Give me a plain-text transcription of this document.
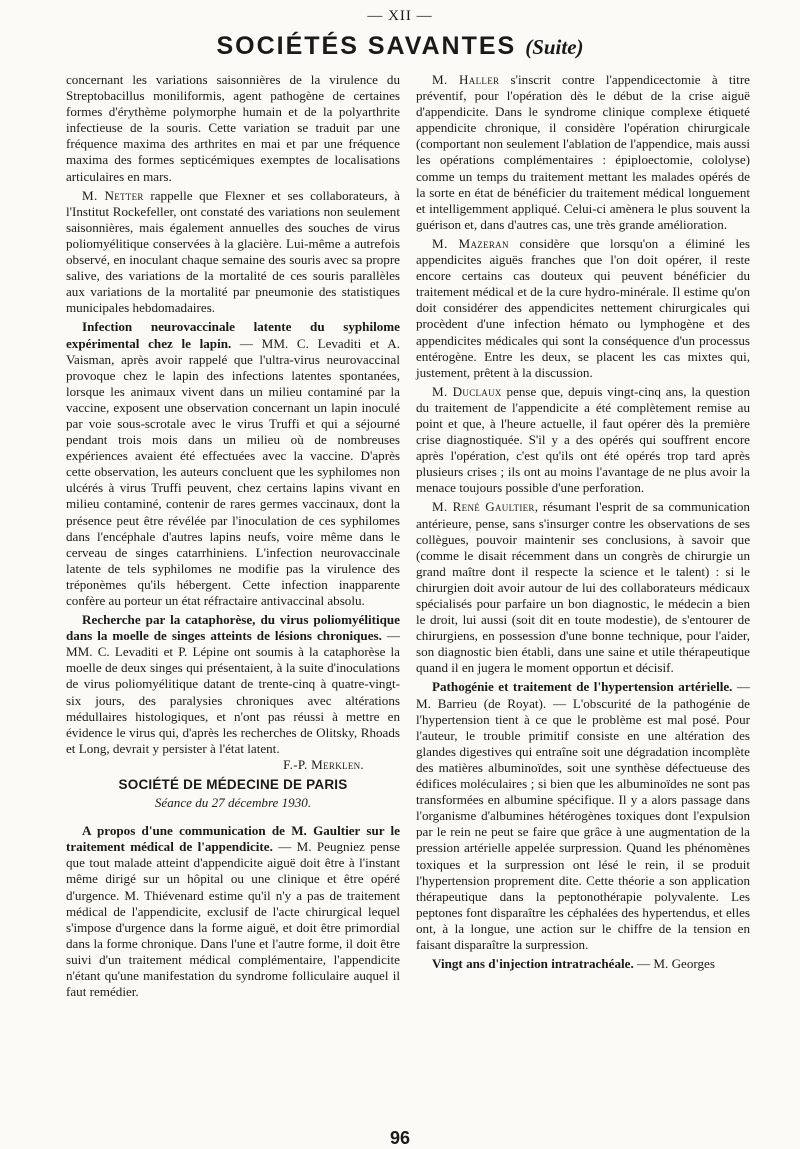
— XII —
SOCIÉTÉS SAVANTES (Suite)

concernant les variations saisonnières de la virulence du Streptobacillus moniliformis, agent pathogène de certaines formes d'érythème polymorphe humain et de la polyarthrite infectieuse de la souris. Cette variation se traduit par une fréquence maxima des arthrites en mai et par une fréquence maxima des formes septicémiques exemptes de localisations articulaires en mars.

M. Netter rappelle que Flexner et ses collaborateurs, à l'Institut Rockefeller, ont constaté des variations non seulement saisonnières, mais également annuelles des souches de virus poliomyélitique conservées à la glacière. Lui-même a autrefois observé, en inoculant chaque semaine des souris avec sa propre salive, des variations de la mortalité de ces souris parallèles aux variations de la mortalité par pneumonie des statistiques municipales hebdomadaires.

Infection neurovaccinale latente du syphilome expérimental chez le lapin. — MM. C. Levaditi et A. Vaisman, après avoir rappelé que l'ultra-virus neurovaccinal provoque chez le lapin des infections latentes spontanées, lorsque les animaux vivent dans un milieu contaminé par la vaccine, exposent une observation concernant un lapin inoculé par voie sous-scrotale avec le virus Truffi et qui a séjourné pendant trois mois dans un milieu où de nombreuses expériences avaient été effectuées avec la vaccine. D'après cette observation, les auteurs concluent que les syphilomes non ulcérés à virus Truffi peuvent, chez certains lapins vivant en milieu contaminé, contenir de rares germes vaccinaux, dont la présence peut être révélée par l'inoculation de ces syphilomes dans l'encéphale d'autres lapins neufs, voire même dans le cerveau de singes catarrhiniens. L'infection neurovaccinale latente de tels syphilomes ne modifie pas la virulence des tréponèmes qu'ils hébergent. Cette infection inapparente confère au porteur un état réfractaire antivaccinal absolu.

Recherche par la cataphorèse, du virus poliomyélitique dans la moelle de singes atteints de lésions chroniques. — MM. C. Levaditi et P. Lépine ont soumis à la cataphorèse la moelle de deux singes qui présentaient, à la suite d'inoculations de virus poliomyélitique datant de trente-cinq à quatre-vingt-six jours, des paralysies chroniques avec altérations médullaires histologiques, et n'ont pas réussi à mettre en évidence le virus qui, d'après les recherches de Olitsky, Rhoads et Long, devrait y persister à l'état latent.
F.-P. Merklen.

SOCIÉTÉ DE MÉDECINE DE PARIS
Séance du 27 décembre 1930.

A propos d'une communication de M. Gaultier sur le traitement médical de l'appendicite. — M. Peugniez pense que tout malade atteint d'appendicite aiguë doit être à l'instant même dirigé sur un hôpital ou une clinique et être opéré d'urgence. M. Thiévenard estime qu'il n'y a pas de traitement médical de l'appendicite, exclusif de l'acte chirurgical lequel s'impose d'urgence dans la forme aiguë, et doit être primordial dans la forme chronique. Dans l'une et l'autre forme, il doit être suivi d'un traitement médical complémentaire, l'appendicite n'étant qu'une manifestation du syndrome folliculaire auquel il faut remédier.

M. Haller s'inscrit contre l'appendicectomie à titre préventif, pour l'opération dès le début de la crise aiguë d'appendicite. Dans le syndrome clinique complexe étiqueté appendicite chronique, il considère l'opération chirurgicale (comportant non seulement l'ablation de l'appendice, mais aussi les opérations complémentaires : épiploectomie, cololyse) comme un temps du traitement mettant les malades opérés de la sorte en état de bénéficier du traitement médical longuement et intelligemment appliqué. Celui-ci amènera le plus souvent la guérison et, dans d'autres cas, une très grande amélioration.

M. Mazeran considère que lorsqu'on a éliminé les appendicites aiguës franches que l'on doit opérer, il reste encore certains cas douteux qui peuvent bénéficier du traitement médical et de la cure hydro-minérale. Il estime qu'on doit considérer des appendicites nettement chirurgicales qui procèdent d'une infection hémato ou lymphogène et des appendicites médicales qui sont la conséquence d'un processus entérogène. Entre les deux, se placent les cas mixtes qui, justement, prêtent à la discussion.

M. Duclaux pense que, depuis vingt-cinq ans, la question du traitement de l'appendicite a été complètement remise au point et que, à l'heure actuelle, il faut opérer dès la première crise diagnostiquée. S'il y a des opérés qui souffrent encore après l'opération, c'est qu'ils ont été opérés trop tard après plusieurs crises ; ils ont au moins l'avantage de ne plus avoir la menace toujours possible d'une perforation.

M. René Gaultier, résumant l'esprit de sa communication antérieure, pense, sans s'insurger contre les observations de ses collègues, pouvoir maintenir ses conclusions, à savoir que (comme le disait récemment dans un congrès de chirurgie un grand maître dont il respecte la science et le talent) : si le chirurgien doit avoir autour de lui des collaborateurs médicaux spécialisés pour parfaire un bon diagnostic, le médecin a bien le droit, lui aussi (soit dit en toute modestie), de s'entourer de chirurgiens, en possession d'une bonne technique, pour l'aider, son diagnostic bien établi, dans une saine et utile thérapeutique quand il en jugera le moment opportun et décisif.

Pathogénie et traitement de l'hypertension artérielle. — M. Barrieu (de Royat). — L'obscurité de la pathogénie de l'hypertension tient à ce que le problème est mal posé. Pour l'auteur, le trouble primitif consiste en une altération des glandes digestives qui entraîne soit une dégradation incomplète des matières albuminoïdes, soit une synthèse défectueuse des édifices moléculaires ; si bien que les albuminoïdes ne sont pas transformées en albumine spécifique. Il y a alors passage dans l'organisme d'albumines hétérogènes toxiques dont l'expulsion par le rein ne peut se faire que grâce à une augmentation de la pression artérielle appelée surpression. Quand les phénomènes toxiques et la surpression ont lésé le rein, il se produit l'hypertension proprement dite. Cette théorie a son application thérapeutique dans la peptonothérapie polyvalente. Les peptones font disparaître les céphalées des hypertendus, et elles ont, à la longue, une action sur le chiffre de la tension en faisant disparaître la surpression.

Vingt ans d'injection intratrachéale. — M. Georges

96
